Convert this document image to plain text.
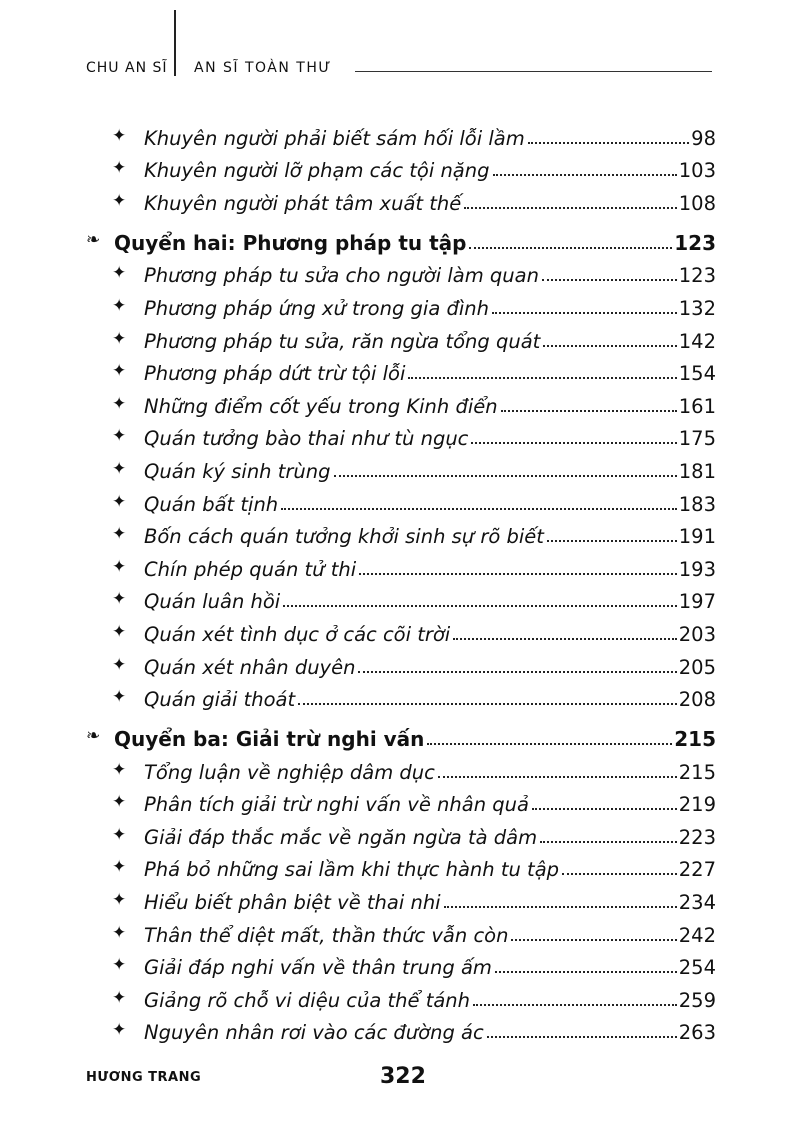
CHU AN SĨ AN SĨ TOÀN THƯ
✦ Khuyên người phải biết sám hối lỗi lầm	98
✦ Khuyên người lỡ phạm các tội nặng	103
✦ Khuyên người phát tâm xuất thế	108
❧ Quyển hai: Phương pháp tu tập	123
✦ Phương pháp tu sửa cho người làm quan	123
✦ Phương pháp ứng xử trong gia đình	132
✦ Phương pháp tu sửa, răn ngừa tổng quát	142
✦ Phương pháp dứt trừ tội lỗi	154
✦ Những điểm cốt yếu trong Kinh điển	161
✦ Quán tưởng bào thai như tù ngục	175
✦ Quán ký sinh trùng	181
✦ Quán bất tịnh	183
✦ Bốn cách quán tưởng khởi sinh sự rõ biết	191
✦ Chín phép quán tử thi	193
✦ Quán luân hồi	197
✦ Quán xét tình dục ở các cõi trời	203
✦ Quán xét nhân duyên	205
✦ Quán giải thoát	208
❧ Quyển ba: Giải trừ nghi vấn	215
✦ Tổng luận về nghiệp dâm dục	215
✦ Phân tích giải trừ nghi vấn về nhân quả	219
✦ Giải đáp thắc mắc về ngăn ngừa tà dâm	223
✦ Phá bỏ những sai lầm khi thực hành tu tập	227
✦ Hiểu biết phân biệt về thai nhi	234
✦ Thân thể diệt mất, thần thức vẫn còn	242
✦ Giải đáp nghi vấn về thân trung ấm	254
✦ Giảng rõ chỗ vi diệu của thể tánh	259
✦ Nguyên nhân rơi vào các đường ác	263
HƯƠNG TRANG	322
